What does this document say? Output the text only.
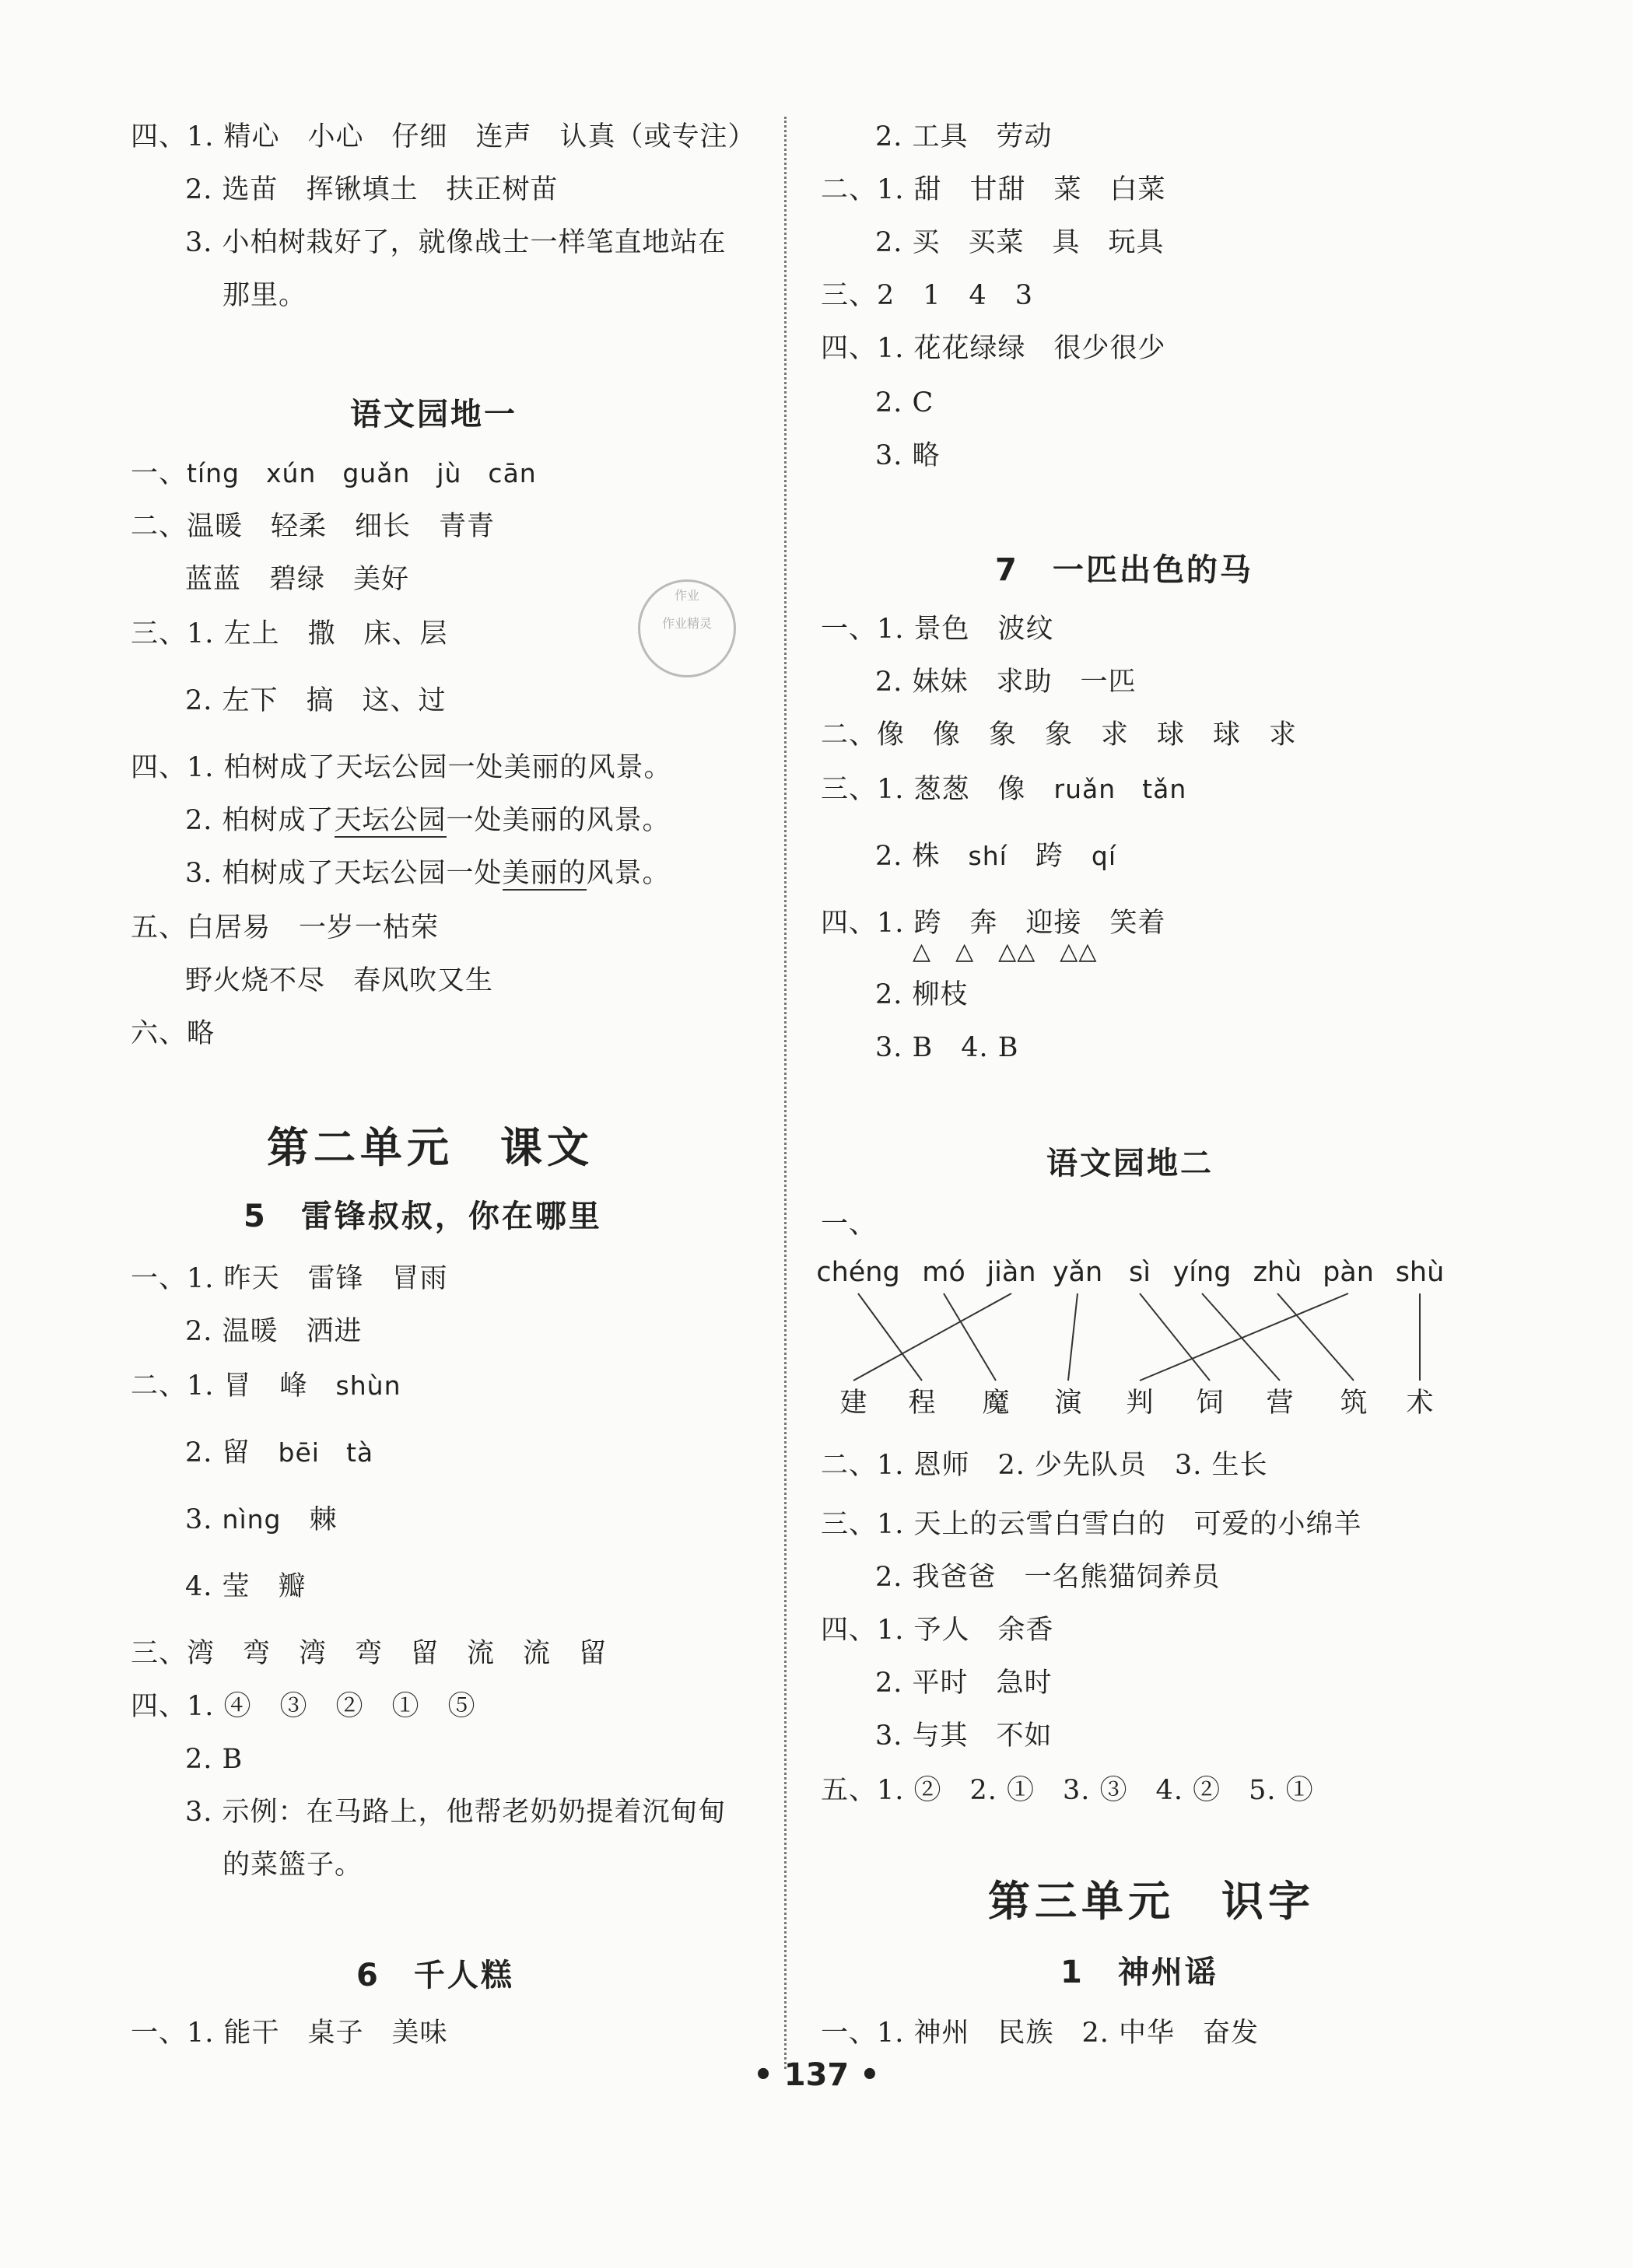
四、1. 精心　小心　仔细　连声　认真（或专注）
2. 选苗　挥锹填土　扶正树苗
3. 小柏树栽好了，就像战士一样笔直地站在
那里。
语文园地一
一、tíng　xún　guǎn　jù　cān
二、温暖　轻柔　细长　青青
蓝蓝　碧绿　美好
三、1. 左上　撒　床、层
2. 左下　搞　这、过
四、1. 柏树成了天坛公园一处美丽的风景。
2. 柏树成了天坛公园一处美丽的风景。
3. 柏树成了天坛公园一处美丽的风景。
五、白居易　一岁一枯荣
野火烧不尽　春风吹又生
六、略
第二单元　课文
5　雷锋叔叔，你在哪里
一、1. 昨天　雷锋　冒雨
2. 温暖　洒进
二、1. 冒　峰　 shùn
2. 留　 bēi　tà
3. nìng　 棘
4. 莹　瓣
三、湾　弯　湾　弯　留　流　流　留
四、1. ④　③　②　①　⑤
2. B
3. 示例：在马路上，他帮老奶奶提着沉甸甸
的菜篮子。
6　千人糕
一、1. 能干　桌子　美味
作业
作业精灵
2. 工具　劳动
二、1. 甜　甘甜　菜　白菜
2. 买　买菜　具　玩具
三、2　1　4　3
四、1. 花花绿绿　很少很少
2. C
3. 略
7　一匹出色的马
一、1. 景色　波纹
2. 妹妹　求助　一匹
二、像　像　象　象　求　球　球　求
三、1. 葱葱　像　 ruǎn　tǎn
2. 株　 shí　 跨　 qí
四、1. 跨　奔　迎接　笑着
△　△　△△　△△
2. 柳枝
3. B　4. B
语文园地二
一、
chéng mó jiàn yǎn sì yíng zhù pàn shù
建 程 魔 演 判 饲 营 筑 术
二、1. 恩师　2. 少先队员　3. 生长
三、1. 天上的云雪白雪白的　可爱的小绵羊
2. 我爸爸　一名熊猫饲养员
四、1. 予人　余香
2. 平时　急时
3. 与其　不如
五、1. ②　2. ①　3. ③　4. ②　5. ①
第三单元　识字
1　神州谣
一、1. 神州　民族　2. 中华　奋发
• 137 •
